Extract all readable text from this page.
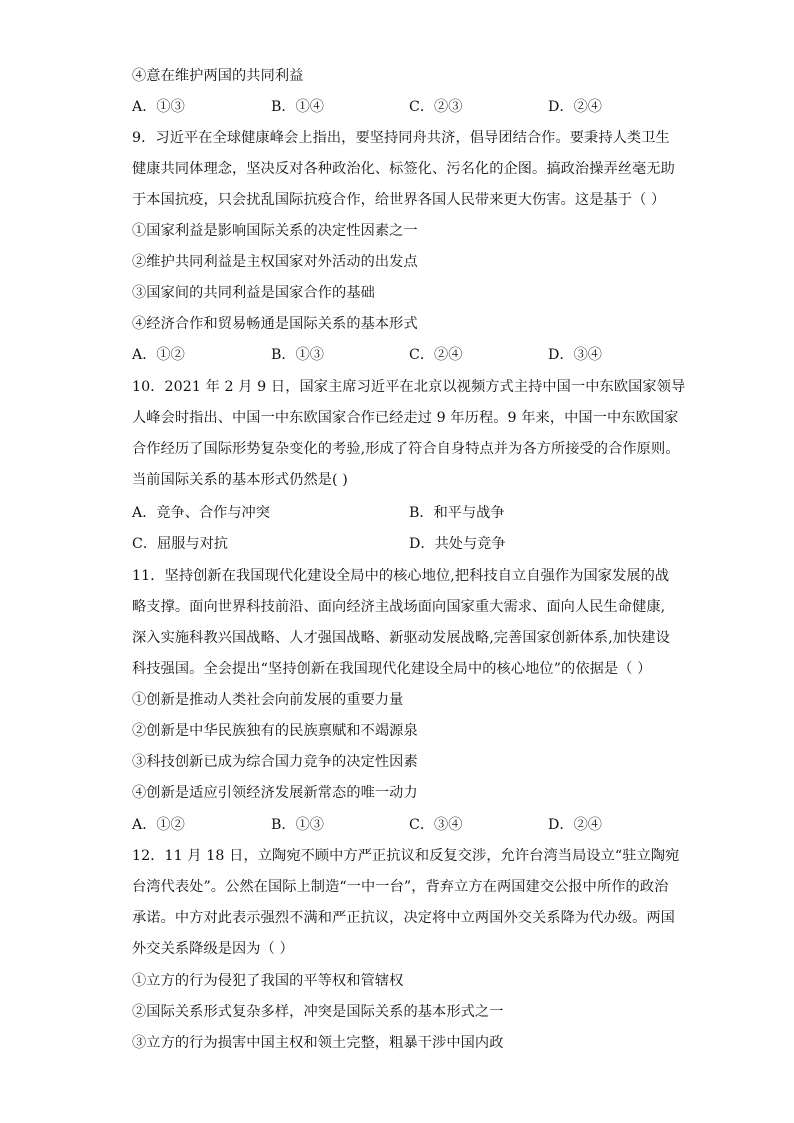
④意在维护两国的共同利益
A．①③	B．①④	C．②③	D．②④
9．习近平在全球健康峰会上指出，要坚持同舟共济，倡导团结合作。要秉持人类卫生
健康共同体理念，坚决反对各种政治化、标签化、污名化的企图。搞政治操弄丝毫无助
于本国抗疫，只会扰乱国际抗疫合作，给世界各国人民带来更大伤害。这是基于（ ）
①国家利益是影响国际关系的决定性因素之一
②维护共同利益是主权国家对外活动的出发点
③国家间的共同利益是国家合作的基础
④经济合作和贸易畅通是国际关系的基本形式
A．①②	B．①③	C．②④	D．③④
10．2021 年 2 月 9 日，国家主席习近平在北京以视频方式主持中国一中东欧国家领导
人峰会时指出、中国一中东欧国家合作已经走过 9 年历程。9 年来，中国一中东欧国家
合作经历了国际形势复杂变化的考验,形成了符合自身特点并为各方所接受的合作原则。
当前国际关系的基本形式仍然是( )
A．竞争、合作与冲突	B．和平与战争
C．屈服与对抗	D．共处与竞争
11．坚持创新在我国现代化建设全局中的核心地位,把科技自立自强作为国家发展的战
略支撑。面向世界科技前沿、面向经济主战场面向国家重大需求、面向人民生命健康,
深入实施科教兴国战略、人才强国战略、新驱动发展战略,完善国家创新体系,加快建设
科技强国。全会提出“坚持创新在我国现代化建设全局中的核心地位”的依据是（ ）
①创新是推动人类社会向前发展的重要力量
②创新是中华民族独有的民族禀赋和不竭源泉
③科技创新已成为综合国力竞争的决定性因素
④创新是适应引领经济发展新常态的唯一动力
A．①②	B．①③	C．③④	D．②④
12．11 月 18 日，立陶宛不顾中方严正抗议和反复交涉，允许台湾当局设立“驻立陶宛
台湾代表处”。公然在国际上制造“一中一台”，背弃立方在两国建交公报中所作的政治
承诺。中方对此表示强烈不满和严正抗议，决定将中立两国外交关系降为代办级。两国
外交关系降级是因为（ ）
①立方的行为侵犯了我国的平等权和管辖权
②国际关系形式复杂多样，冲突是国际关系的基本形式之一
③立方的行为损害中国主权和领土完整，粗暴干涉中国内政
